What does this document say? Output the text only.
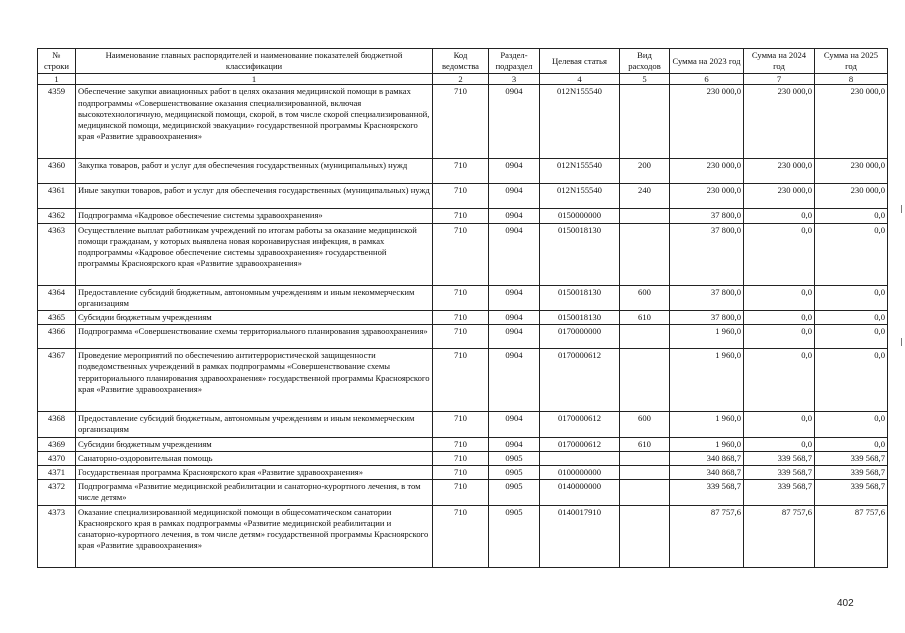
№ строки	Наименование главных распорядителей и наименование показателей бюджетной классификации	Код ведомства	Раздел-подраздел	Целевая статья	Вид расходов	Сумма на 2023 год	Сумма на 2024 год	Сумма на 2025 год
1	1	2	3	4	5	6	7	8
4359	Обеспечение закупки авиационных работ в целях оказания медицинской помощи в рамках подпрограммы «Совершенствование оказания специализированной, включая высокотехнологичную, медицинской помощи, скорой, в том числе скорой специализированной, медицинской помощи, медицинской эвакуации» государственной программы Красноярского края «Развитие здравоохранения»	710	0904	012N155540		230 000,0	230 000,0	230 000,0
4360	Закупка товаров, работ и услуг для обеспечения государственных (муниципальных) нужд	710	0904	012N155540	200	230 000,0	230 000,0	230 000,0
4361	Иные закупки товаров, работ и услуг для обеспечения государственных (муниципальных) нужд	710	0904	012N155540	240	230 000,0	230 000,0	230 000,0
4362	Подпрограмма «Кадровое обеспечение системы здравоохранения»	710	0904	0150000000		37 800,0	0,0	0,0
4363	Осуществление выплат работникам учреждений по итогам работы за оказание медицинской помощи гражданам, у которых выявлена новая коронавирусная инфекция, в рамках подпрограммы «Кадровое обеспечение системы здравоохранения» государственной программы Красноярского края «Развитие здравоохранения»	710	0904	0150018130		37 800,0	0,0	0,0
4364	Предоставление субсидий бюджетным, автономным учреждениям и иным некоммерческим организациям	710	0904	0150018130	600	37 800,0	0,0	0,0
4365	Субсидии бюджетным учреждениям	710	0904	0150018130	610	37 800,0	0,0	0,0
4366	Подпрограмма «Совершенствование схемы территориального планирования здравоохранения»	710	0904	0170000000		1 960,0	0,0	0,0
4367	Проведение мероприятий по обеспечению антитеррористической защищенности подведомственных учреждений в рамках подпрограммы «Совершенствование схемы территориального планирования здравоохранения» государственной программы Красноярского края «Развитие здравоохранения»	710	0904	0170000612		1 960,0	0,0	0,0
4368	Предоставление субсидий бюджетным, автономным учреждениям и иным некоммерческим организациям	710	0904	0170000612	600	1 960,0	0,0	0,0
4369	Субсидии бюджетным учреждениям	710	0904	0170000612	610	1 960,0	0,0	0,0
4370	Санаторно-оздоровительная помощь	710	0905			340 868,7	339 568,7	339 568,7
4371	Государственная программа Красноярского края «Развитие здравоохранения»	710	0905	0100000000		340 868,7	339 568,7	339 568,7
4372	Подпрограмма «Развитие медицинской реабилитации и санаторно-курортного лечения, в том числе детям»	710	0905	0140000000		339 568,7	339 568,7	339 568,7
4373	Оказание специализированной медицинской помощи в общесоматическом санатории Красноярского края в рамках подпрограммы «Развитие медицинской реабилитации и санаторно-курортного лечения, в том числе детям» государственной программы Красноярского края «Развитие здравоохранения»	710	0905	0140017910		87 757,6	87 757,6	87 757,6
402
